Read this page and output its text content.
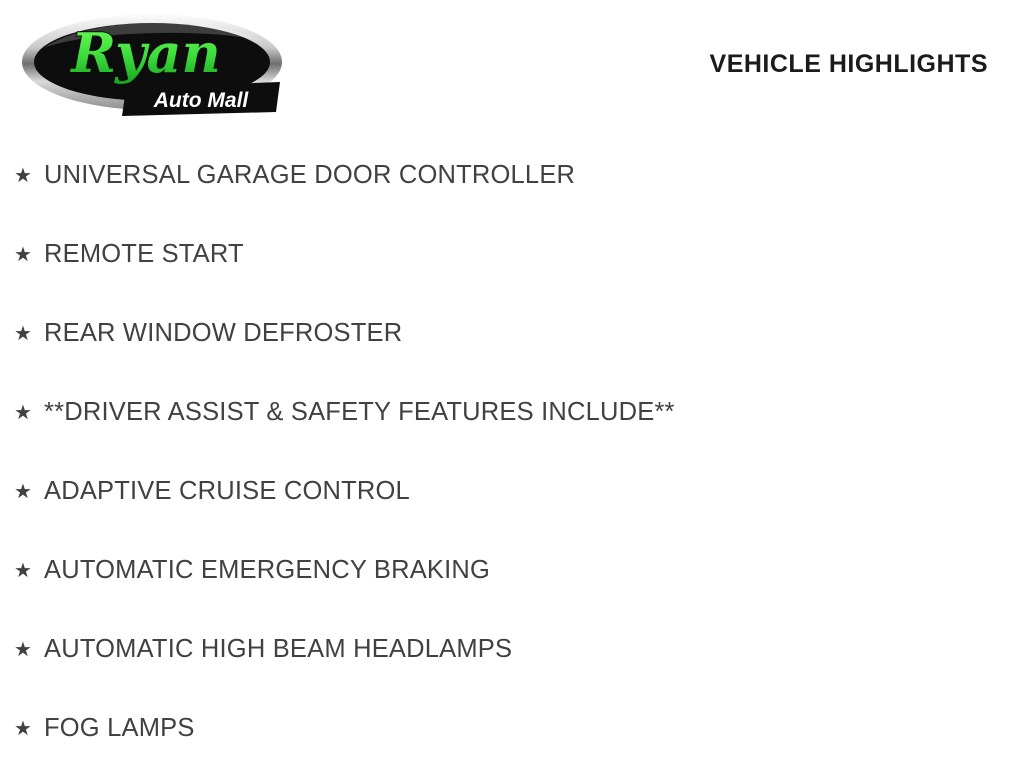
Ryan
Auto Mall
VEHICLE HIGHLIGHTS
★ UNIVERSAL GARAGE DOOR CONTROLLER
★ REMOTE START
★ REAR WINDOW DEFROSTER
★ **DRIVER ASSIST & SAFETY FEATURES INCLUDE**
★ ADAPTIVE CRUISE CONTROL
★ AUTOMATIC EMERGENCY BRAKING
★ AUTOMATIC HIGH BEAM HEADLAMPS
★ FOG LAMPS
